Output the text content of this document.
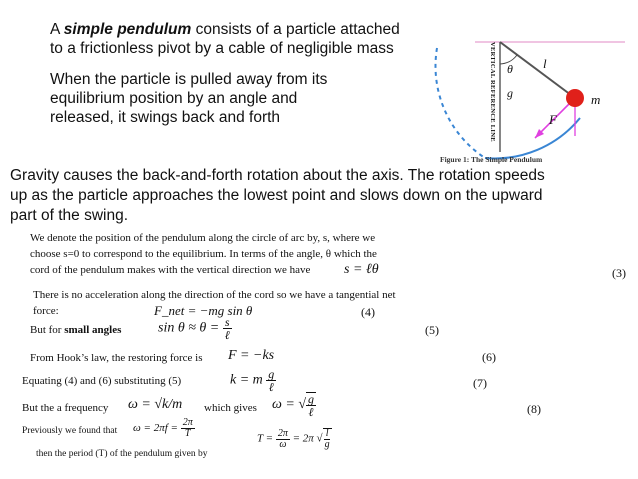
A simple pendulum consists of a particle attached
to a frictionless pivot by a cable of negligible mass
When the particle is pulled away from its
equilibrium position by an angle and
released, it swings back and forth	VERTICAL REFERENCE LINE θ l
g	m
F
Figure 1: The Simple Pendulum
Gravity causes the back-and-forth rotation about the axis. The rotation speeds
up as the particle approaches the lowest point and slows down on the upward
part of the swing.
We denote the position of the pendulum along the circle of arc by, s, where we
choose s=0 to correspond to the equilibrium. In terms of the angle, θ which the
cord of the pendulum makes with the vertical direction we have	s = ℓθ	(3)
There is no acceleration along the direction of the cord so we have a tangential net
force:	F_net = −mg sin θ	(4)
But for small angles	$\sin \theta \approx \theta = \frac{s}{\text{ℓ}}$	(5)
From Hook’s law, the restoring force is F = −ks	(6)
Equating (4) and (6) substituting (5)	k = m $\frac{g}{\text{ℓ}}$	(7)
But the a frequency ω = √k/m which gives ω = √ $\frac{g}{\text{ℓ}}$	(8)
Previously we found that $\omega = 2\pi f = \frac{2\pi}{T}$
then the period (T) of the pendulum given by
$T = \frac{2\pi}{\omega} = 2\pi$ √ $\frac{l}{g}$
